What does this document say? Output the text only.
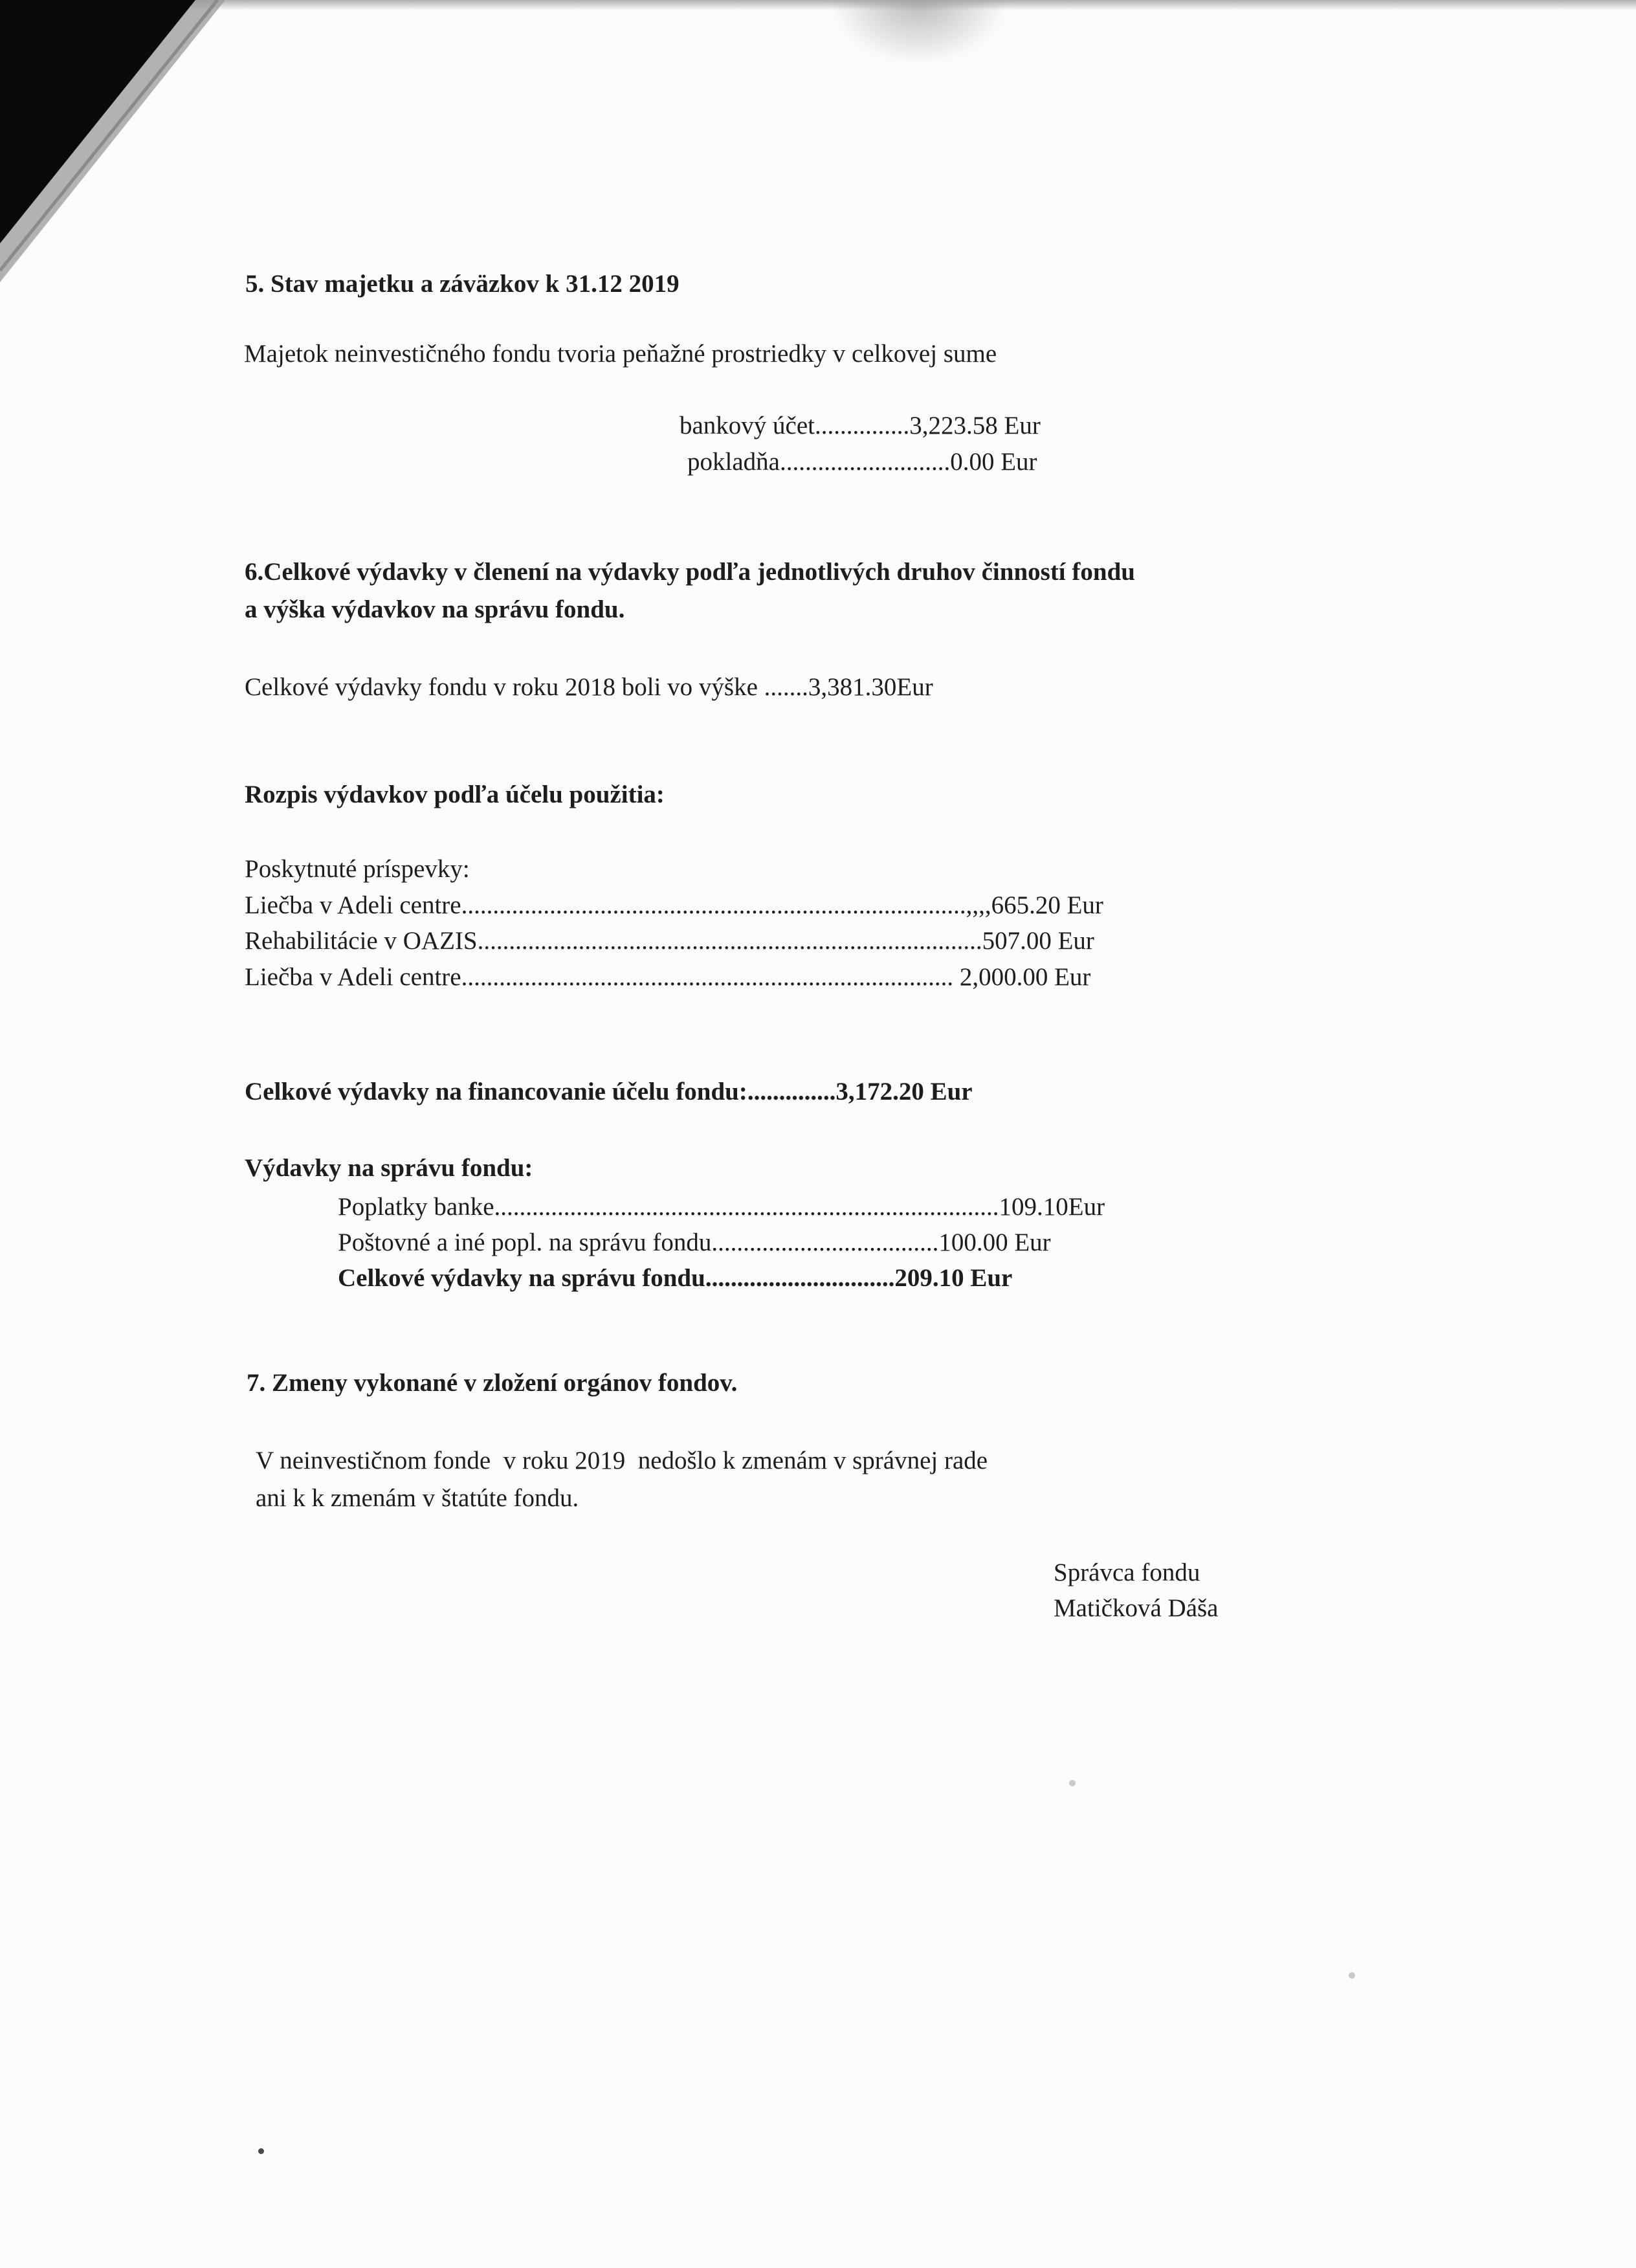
5. Stav majetku a záväzkov k 31.12 2019
Majetok neinvestičného fondu tvoria peňažné prostriedky v celkovej sume
bankový účet...............3,223.58 Eur
pokladňa...........................0.00 Eur
6.Celkové výdavky v členení na výdavky podľa jednotlivých druhov činností fondu
a výška výdavkov na správu fondu.
Celkové výdavky fondu v roku 2018 boli vo výške .......3,381.30Eur
Rozpis výdavkov podľa účelu použitia:
Poskytnuté príspevky:
Liečba v Adeli centre................................................................................,,,,665.20 Eur
Rehabilitácie v OAZIS................................................................................507.00 Eur
Liečba v Adeli centre.............................................................................. 2,000.00 Eur
Celkové výdavky na financovanie účelu fondu:..............3,172.20 Eur
Výdavky na správu fondu:
Poplatky banke................................................................................109.10Eur
Poštovné a iné popl. na správu fondu....................................100.00 Eur
Celkové výdavky na správu fondu..............................209.10 Eur
7. Zmeny vykonané v zložení orgánov fondov.
V neinvestičnom fonde  v roku 2019  nedošlo k zmenám v správnej rade
ani k k zmenám v štatúte fondu.
Správca fondu
Matičková Dáša
